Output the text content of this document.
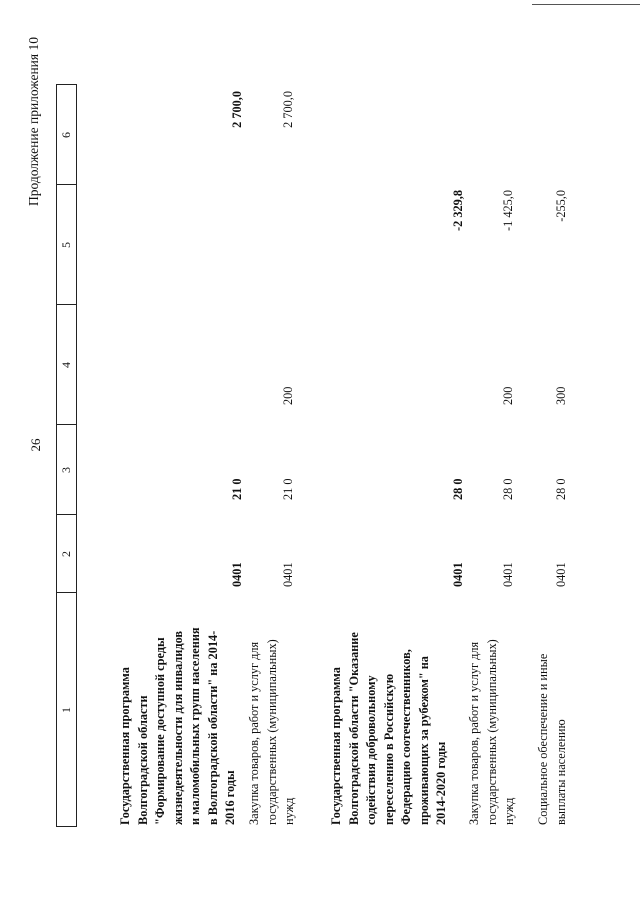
26
Продолжение приложения 10
1
2
3
4
5
6
Государственная программа Волгоградской области "Формирование доступной среды жизнедеятельности для инвалидов и маломобильных групп населения в Волгоградской области" на 2014-2016 годы
0401
21 0
2 700,0
Закупка товаров, работ и услуг для государственных (муниципальных) нужд
0401
21 0
200
2 700,0
Государственная программа Волгоградской области "Оказание содействия добровольному переселению в Российскую Федерацию соотечественников, проживающих за рубежом" на 2014-2020 годы
0401
28 0
-2 329,8
Закупка товаров, работ и услуг для государственных (муниципальных) нужд
0401
28 0
200
-1 425,0
Социальное обеспечение и иные выплаты населению
0401
28 0
300
-255,0
